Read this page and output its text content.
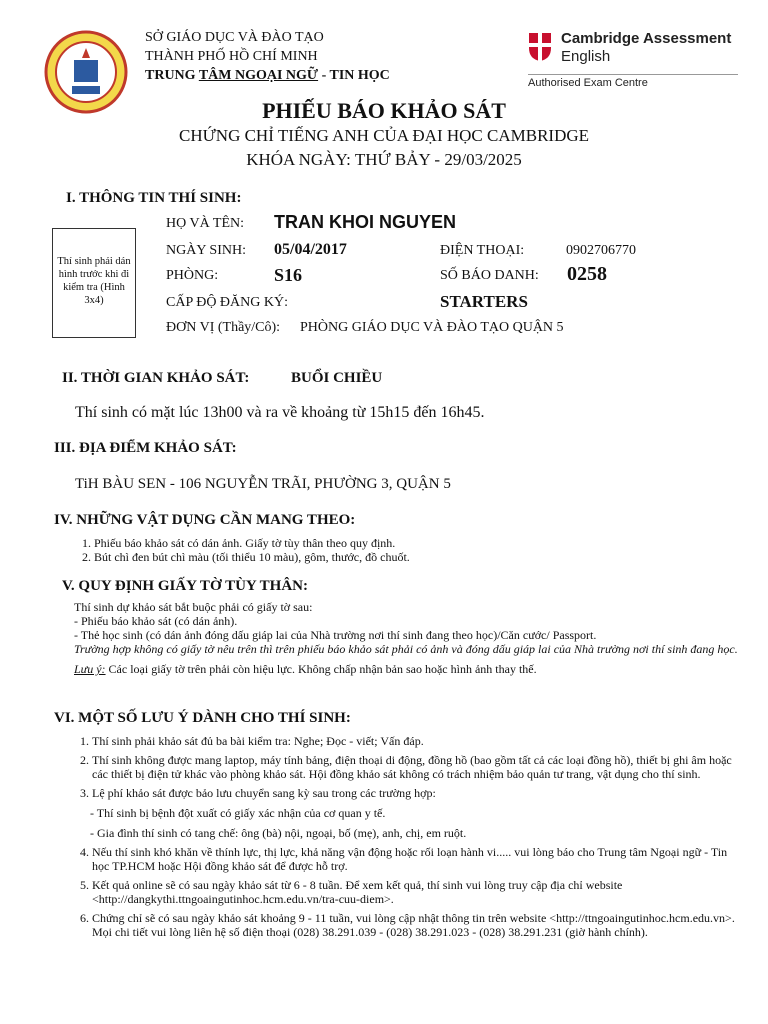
SỞ GIÁO DỤC VÀ ĐÀO TẠO
THÀNH PHỐ HỒ CHÍ MINH
TRUNG TÂM NGOẠI NGỮ - TIN HỌC
Cambridge Assessment
English
Authorised Exam Centre
PHIẾU BÁO KHẢO SÁT
CHỨNG CHỈ TIẾNG ANH CỦA ĐẠI HỌC CAMBRIDGE
KHÓA NGÀY: THỨ BẢY - 29/03/2025
I. THÔNG TIN THÍ SINH:
Thí sinh phải dán hình trước khi đi kiểm tra (Hình 3x4)
HỌ VÀ TÊN: TRAN KHOI NGUYEN
NGÀY SINH: 05/04/2017	ĐIỆN THOẠI:	0902706770
PHÒNG:	S16	SỐ BÁO DANH: 0258
CẤP ĐỘ ĐĂNG KÝ:	STARTERS
ĐƠN VỊ (Thầy/Cô): PHÒNG GIÁO DỤC VÀ ĐÀO TẠO QUẬN 5
II. THỜI GIAN KHẢO SÁT:	BUỔI CHIỀU
Thí sinh có mặt lúc 13h00 và ra về khoảng từ 15h15 đến 16h45.
III. ĐỊA ĐIỂM KHẢO SÁT:
TiH BÀU SEN - 106 NGUYỄN TRÃI, PHƯỜNG 3, QUẬN 5
IV. NHỮNG VẬT DỤNG CẦN MANG THEO:
1. Phiếu báo khảo sát có dán ảnh. Giấy tờ tùy thân theo quy định.
2. Bút chì đen bút chì màu (tối thiểu 10 màu), gôm, thước, đồ chuốt.
V. QUY ĐỊNH GIẤY TỜ TÙY THÂN:
Thí sinh dự khảo sát bắt buộc phải có giấy tờ sau:
- Phiếu báo khảo sát (có dán ảnh).
- Thẻ học sinh (có dán ảnh đóng dấu giáp lai của Nhà trường nơi thí sinh đang theo học)/Căn cước/ Passport.
Trường hợp không có giấy tờ nêu trên thì trên phiếu báo khảo sát phải có ảnh và đóng dấu giáp lai của Nhà trường nơi thí sinh đang học.
Lưu ý: Các loại giấy tờ trên phải còn hiệu lực. Không chấp nhận bản sao hoặc hình ảnh thay thế.
VI. MỘT SỐ LƯU Ý DÀNH CHO THÍ SINH:
1. Thí sinh phải khảo sát đủ ba bài kiểm tra: Nghe; Đọc - viết; Vấn đáp.
2. Thí sinh không được mang laptop, máy tính bảng, điện thoại di động, đồng hồ (bao gồm tất cả các loại đồng hồ), thiết bị ghi âm hoặc các thiết bị điện tử khác vào phòng khảo sát. Hội đồng khảo sát không có trách nhiệm bảo quản tư trang, vật dụng cho thí sinh.
3. Lệ phí khảo sát được bảo lưu chuyển sang kỳ sau trong các trường hợp:
- Thí sinh bị bệnh đột xuất có giấy xác nhận của cơ quan y tế.
- Gia đình thí sinh có tang chế: ông (bà) nội, ngoại, bố (mẹ), anh, chị, em ruột.
4. Nếu thí sinh khó khăn về thính lực, thị lực, khả năng vận động hoặc rối loạn hành vi..... vui lòng báo cho Trung tâm Ngoại ngữ - Tin học TP.HCM hoặc Hội đồng khảo sát để được hỗ trợ.
5. Kết quả online sẽ có sau ngày khảo sát từ 6 - 8 tuần. Để xem kết quả, thí sinh vui lòng truy cập địa chỉ website <http://dangkythi.ttngoaingutinhoc.hcm.edu.vn/tra-cuu-diem>.
6. Chứng chỉ sẽ có sau ngày khảo sát khoảng 9 - 11 tuần, vui lòng cập nhật thông tin trên website <http://ttngoaingutinhoc.hcm.edu.vn>.
Mọi chi tiết vui lòng liên hệ số điện thoại (028) 38.291.039 - (028) 38.291.023 - (028) 38.291.231 (giờ hành chính).
